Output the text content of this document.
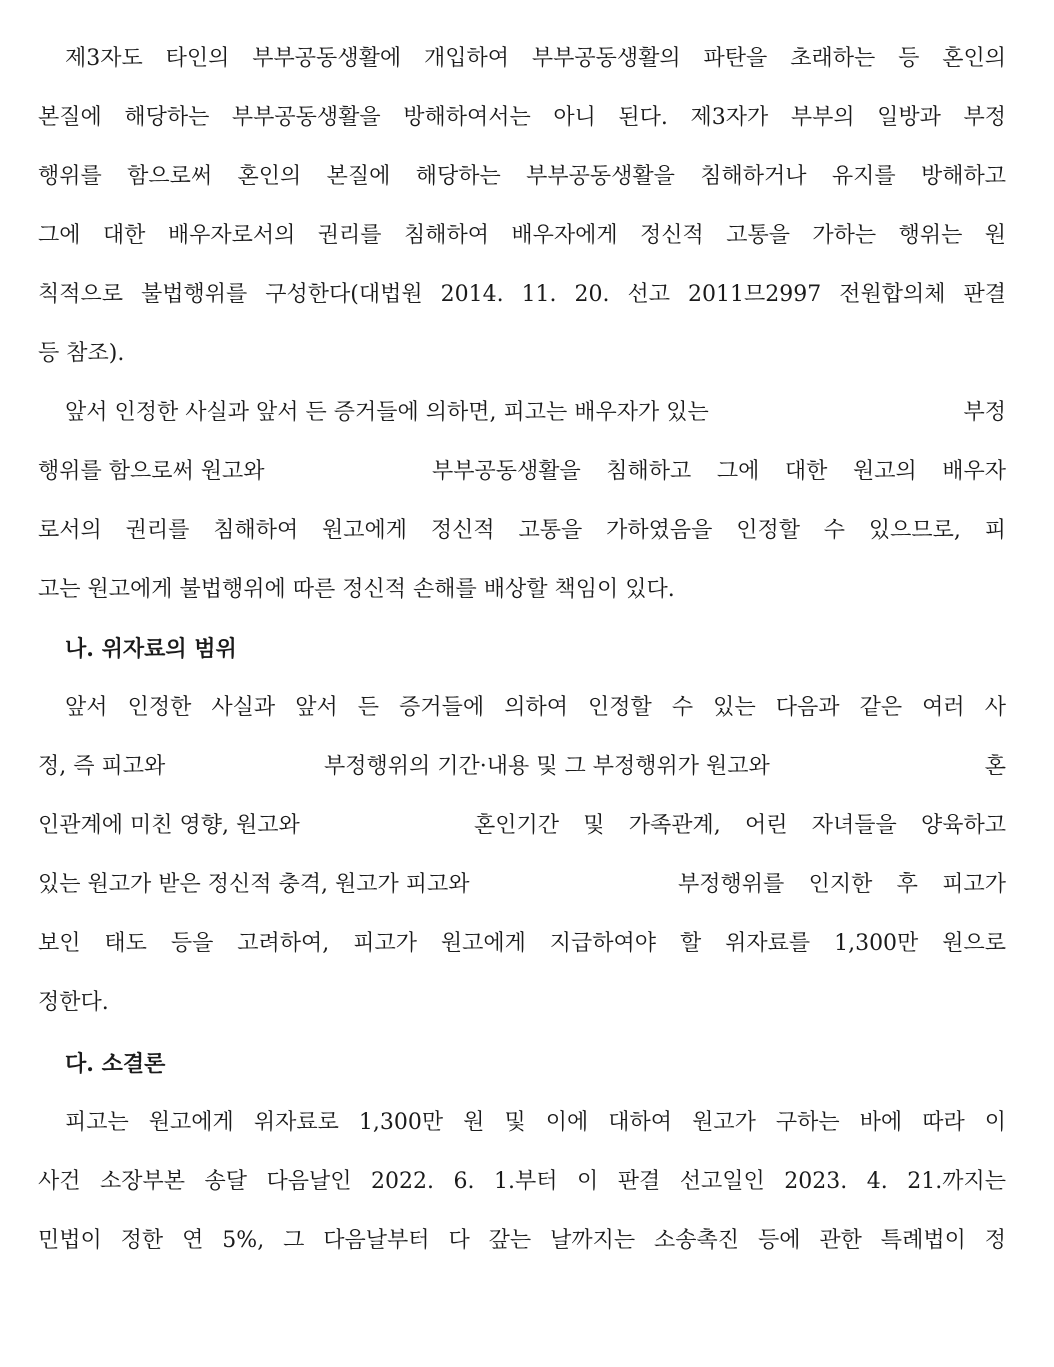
제3자도 타인의 부부공동생활에 개입하여 부부공동생활의 파탄을 초래하는 등 혼인의
본질에 해당하는 부부공동생활을 방해하여서는 아니 된다. 제3자가 부부의 일방과 부정
행위를 함으로써 혼인의 본질에 해당하는 부부공동생활을 침해하거나 유지를 방해하고
그에 대한 배우자로서의 권리를 침해하여 배우자에게 정신적 고통을 가하는 행위는 원
칙적으로 불법행위를 구성한다(대법원 2014. 11. 20. 선고 2011므2997 전원합의체 판결
등 참조).
앞서 인정한 사실과 앞서 든 증거들에 의하면, 피고는 배우자가 있는	부정
행위를 함으로써 원고와	부부공동생활을 침해하고 그에 대한 원고의 배우자
로서의 권리를 침해하여 원고에게 정신적 고통을 가하였음을 인정할 수 있으므로, 피
고는 원고에게 불법행위에 따른 정신적 손해를 배상할 책임이 있다.
나. 위자료의 범위
앞서 인정한 사실과 앞서 든 증거들에 의하여 인정할 수 있는 다음과 같은 여러 사
정, 즉 피고와	부정행위의 기간·내용 및 그 부정행위가 원고와	혼
인관계에 미친 영향, 원고와	혼인기간 및 가족관계, 어린 자녀들을 양육하고
있는 원고가 받은 정신적 충격, 원고가 피고와	부정행위를 인지한 후 피고가
보인 태도 등을 고려하여, 피고가 원고에게 지급하여야 할 위자료를 1,300만 원으로
정한다.
다. 소결론
피고는 원고에게 위자료로 1,300만 원 및 이에 대하여 원고가 구하는 바에 따라 이
사건 소장부본 송달 다음날인 2022. 6. 1.부터 이 판결 선고일인 2023. 4. 21.까지는
민법이 정한 연 5%, 그 다음날부터 다 갚는 날까지는 소송촉진 등에 관한 특례법이 정
